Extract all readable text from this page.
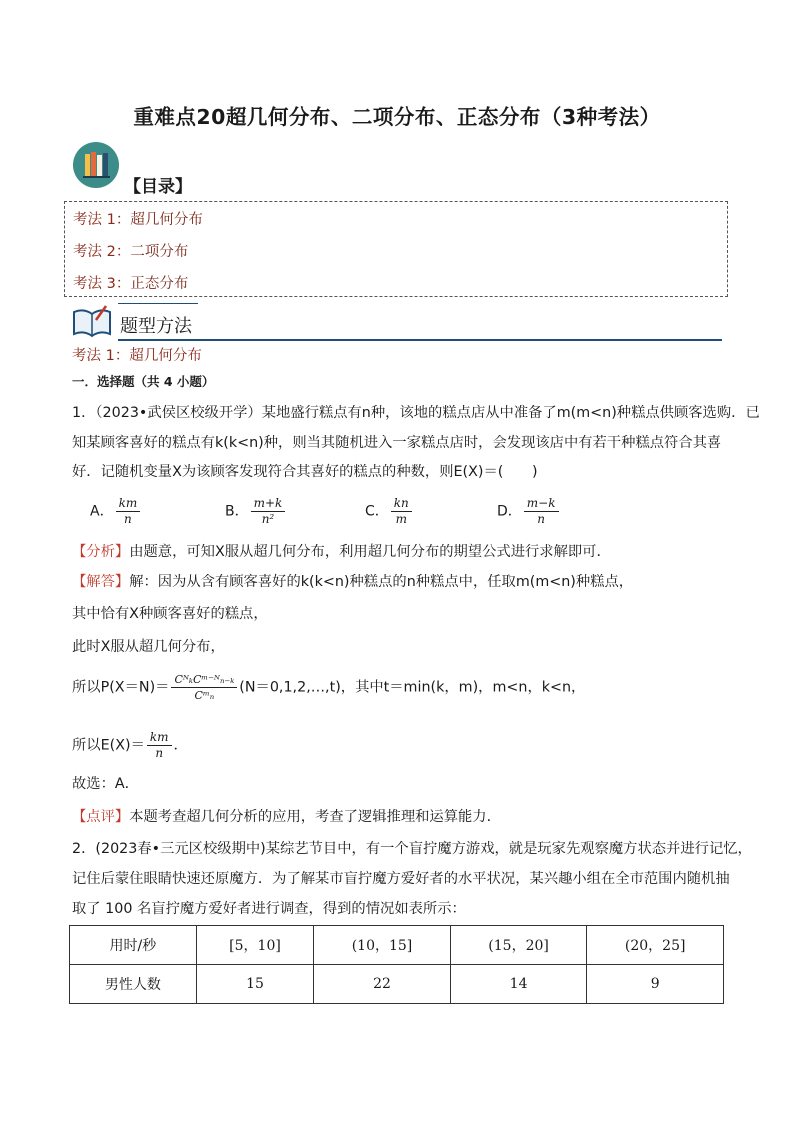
重难点20超几何分布、二项分布、正态分布（3种考法）
【目录】
考法 1：超几何分布
考法 2：二项分布
考法 3：正态分布
题型方法
考法 1：超几何分布
一．选择题（共 4 小题）
1．（2023•武侯区校级开学）某地盛行糕点有n种，该地的糕点店从中准备了m(m<n)种糕点供顾客选购．已
知某顾客喜好的糕点有k(k<n)种，则当其随机进入一家糕点店时，会发现该店中有若干种糕点符合其喜
好．记随机变量X为该顾客发现符合其喜好的糕点的种数，则E(X)＝(　　)
A． $\frac{km}{n}$	B． $\frac{m+k}{\text{n²}}$	C． $\frac{kn}{m}$	D． $\frac{m-k}{n}$
【分析】由题意，可知X服从超几何分布，利用超几何分布的期望公式进行求解即可．
【解答】解：因为从含有顾客喜好的k(k<n)种糕点的n种糕点中，任取m(m<n)种糕点，
其中恰有X种顾客喜好的糕点，
此时X服从超几何分布，
所以$P(X=N)= \frac{\text{CᴺₖCᵐ⁻ᴺₙ₋ₖ}}{\text{Cᵐₙ}}$ (N＝0,1,2,…,t)，其中t＝min(k，m)，m<n，k<n，
所以$E(X)= \frac{km}{n}$ ．
故选：A．
【点评】本题考查超几何分析的应用，考查了逻辑推理和运算能力．
2．(2023春•三元区校级期中)某综艺节目中，有一个盲拧魔方游戏，就是玩家先观察魔方状态并进行记忆，
记住后蒙住眼睛快速还原魔方．为了解某市盲拧魔方爱好者的水平状况，某兴趣小组在全市范围内随机抽
取了 100 名盲拧魔方爱好者进行调查，得到的情况如表所示：
用时/秒	[5，10]	(10，15]	(15，20]	(20，25]
男性人数	15	22	14	9
